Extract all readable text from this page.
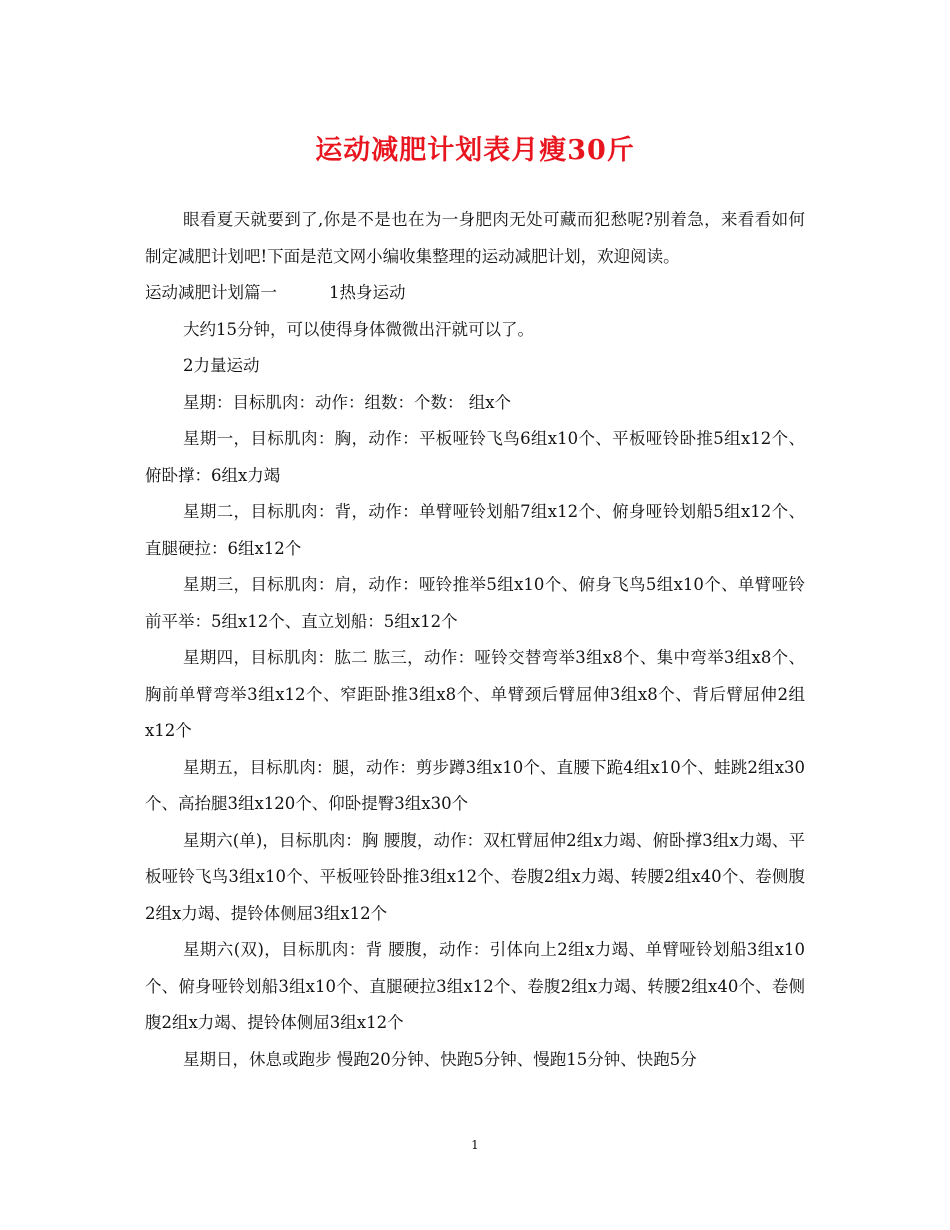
运动减肥计划表月瘦30斤

眼看夏天就要到了,你是不是也在为一身肥肉无处可藏而犯愁呢?别着急，来看看如何制定减肥计划吧!下面是范文网小编收集整理的运动减肥计划，欢迎阅读。

运动减肥计划篇一	1热身运动

大约15分钟，可以使得身体微微出汗就可以了。

2力量运动

星期：目标肌肉：动作：组数：个数： 组x个

星期一，目标肌肉：胸，动作：平板哑铃飞鸟6组x10个、平板哑铃卧推5组x12个、俯卧撑：6组x力竭

星期二，目标肌肉：背，动作：单臂哑铃划船7组x12个、俯身哑铃划船5组x12个、直腿硬拉：6组x12个

星期三，目标肌肉：肩，动作：哑铃推举5组x10个、俯身飞鸟5组x10个、单臂哑铃前平举：5组x12个、直立划船：5组x12个

星期四，目标肌肉：肱二 肱三，动作：哑铃交替弯举3组x8个、集中弯举3组x8个、胸前单臂弯举3组x12个、窄距卧推3组x8个、单臂颈后臂屈伸3组x8个、背后臂屈伸2组x12个

星期五，目标肌肉：腿，动作：剪步蹲3组x10个、直腰下跪4组x10个、蛙跳2组x30个、高抬腿3组x120个、仰卧提臀3组x30个

星期六(单)，目标肌肉：胸 腰腹，动作：双杠臂屈伸2组x力竭、俯卧撑3组x力竭、平板哑铃飞鸟3组x10个、平板哑铃卧推3组x12个、卷腹2组x力竭、转腰2组x40个、卷侧腹2组x力竭、提铃体侧屈3组x12个

星期六(双)，目标肌肉：背 腰腹，动作：引体向上2组x力竭、单臂哑铃划船3组x10个、俯身哑铃划船3组x10个、直腿硬拉3组x12个、卷腹2组x力竭、转腰2组x40个、卷侧腹2组x力竭、提铃体侧屈3组x12个

星期日，休息或跑步 慢跑20分钟、快跑5分钟、慢跑15分钟、快跑5分

1
